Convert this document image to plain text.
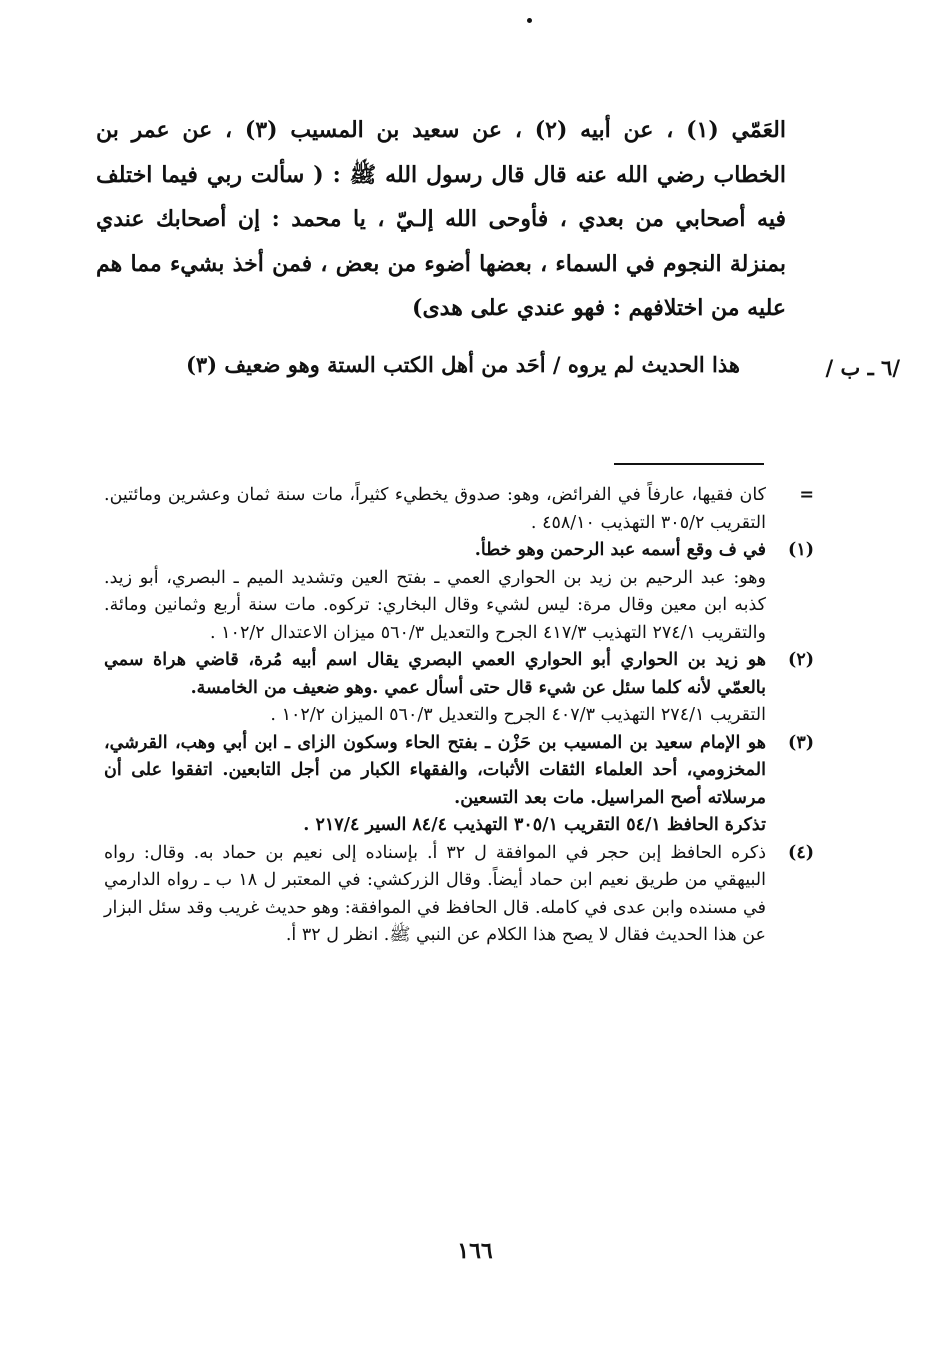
العَمّي (١) ، عن أبيه (٢) ، عن سعيد بن المسيب (٣) ، عن عمر بن الخطاب رضي الله عنه قال قال رسول الله ﷺ : ( سألت ربي فيما اختلف فيه أصحابي من بعدي ، فأوحى الله إلـيّ ، يا محمد : إن أصحابك عندي بمنزلة النجوم في السماء ، بعضها أضوء من بعض ، فمن أخذ بشيء مما هم عليه من اختلافهم : فهو عندي على هدى)

/٦ ـ ب /
هذا الحديث لم يروه / أحَد من أهل الكتب الستة وهو ضعيف (٣)
=
كان فقيها، عارفاً في الفرائض، وهو: صدوق يخطيء كثيراً، مات سنة ثمان وعشرين ومائتين. التقريب ٣٠٥/٢ التهذيب ٤٥٨/١٠ .
(١)
في ف وقع أسمه عبد الرحمن وهو خطأ.
وهو: عبد الرحيم بن زيد بن الحواري العمي ـ بفتح العين وتشديد الميم ـ البصري، أبو زيد. كذبه ابن معين وقال مرة: ليس لشيء وقال البخاري: تركوه. مات سنة أربع وثمانين ومائة. والتقريب ٢٧٤/١ التهذيب ٤١٧/٣ الجرح والتعديل ٥٦٠/٣ ميزان الاعتدال ١٠٢/٢ .
(٢)
هو زيد بن الحواري أبو الحواري العمي البصري يقال اسم أبيه مُرة، قاضي هراة سمي بالعمّي لأنه كلما سئل عن شيء قال حتى أسأل عمي .وهو ضعيف من الخامسة.
التقريب ٢٧٤/١ التهذيب ٤٠٧/٣ الجرح والتعديل ٥٦٠/٣ الميزان ١٠٢/٢ .
(٣)
هو الإمام سعيد بن المسيب بن حَزْن ـ بفتح الحاء وسكون الزاى ـ ابن أبي وهب، القرشي، المخزومي، أحد العلماء الثقات الأثبات، والفقهاء الكبار من أجل التابعين. اتفقوا على أن مرسلاته أصح المراسيل. مات بعد التسعين.
تذكرة الحافظ ٥٤/١ التقريب ٣٠٥/١ التهذيب ٨٤/٤ السير ٢١٧/٤ .
(٤)
ذكره الحافظ إبن حجر في الموافقة ل ٣٢ أ. بإسناده إلى نعيم بن حماد به. وقال: رواه البيهقي من طريق نعيم ابن حماد أيضاً. وقال الزركشي: في المعتبر ل ١٨ ب ـ رواه الدارمي في مسنده وابن عدى في كامله. قال الحافظ في الموافقة: وهو حديث غريب وقد سئل البزار عن هذا الحديث فقال لا يصح هذا الكلام عن النبي ﷺ. انظر ل ٣٢ أ.
١٦٦
